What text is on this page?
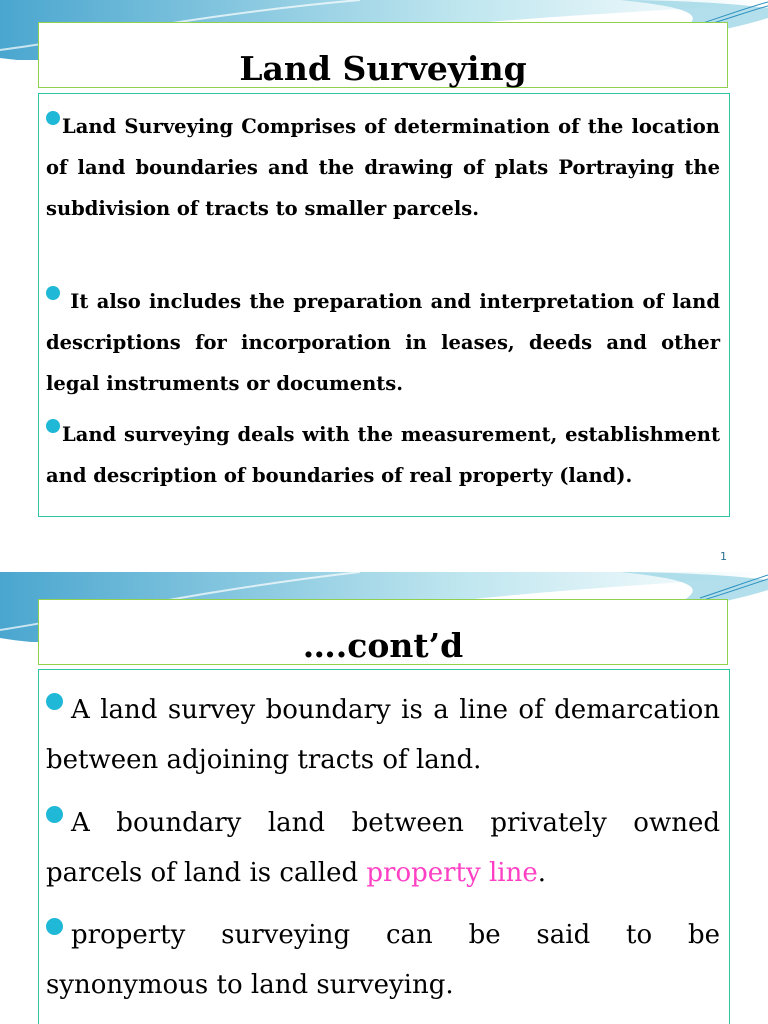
Land Surveying
Land Surveying Comprises of determination of the location of land boundaries and the drawing of plats Portraying the subdivision of tracts to smaller parcels.
It also includes the preparation and interpretation of land descriptions for incorporation in leases, deeds and other legal instruments or documents.
Land surveying deals with the measurement, establishment and description of boundaries of real property (land).
1
….cont’d
A land survey boundary is a line of demarcation between adjoining tracts of land.
A boundary land between privately owned parcels of land is called property line.
property surveying can be said to be synonymous to land surveying.
